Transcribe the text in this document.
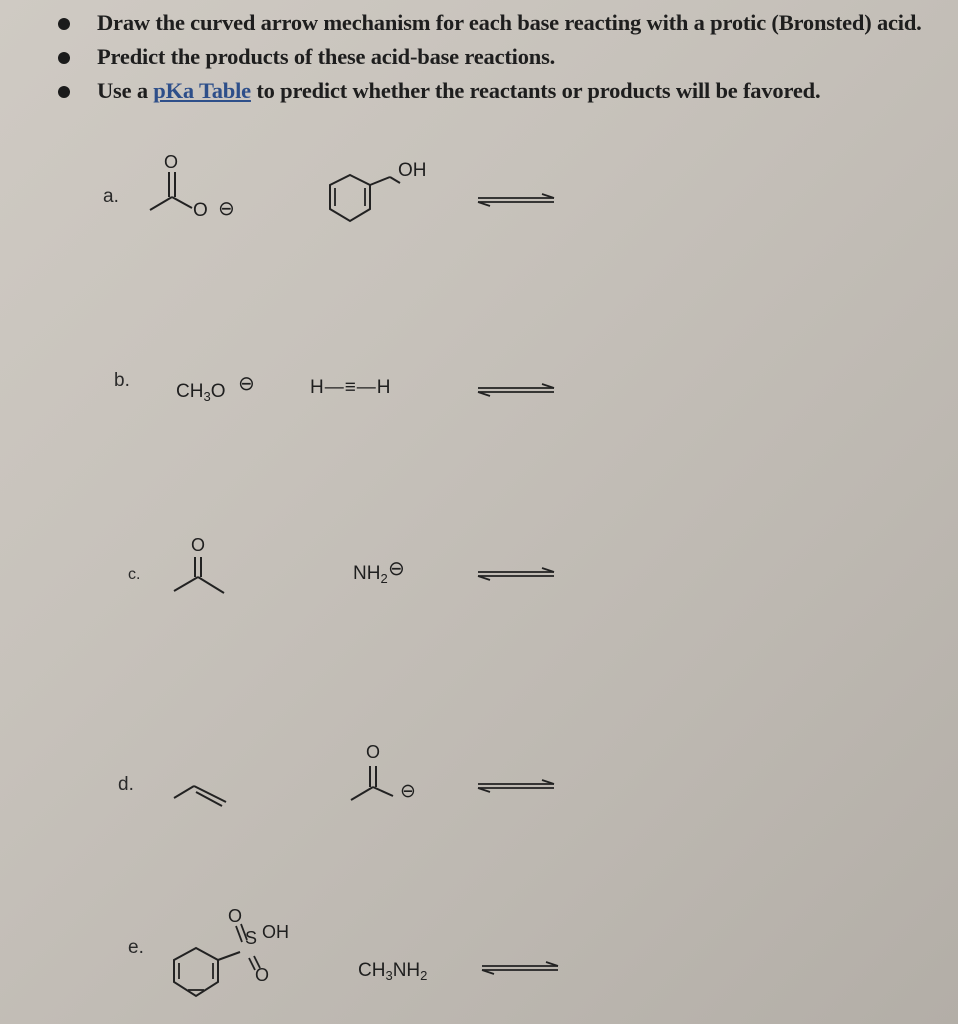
Draw the curved arrow mechanism for each base reacting with a protic (Bronsted) acid.
Predict the products of these acid-base reactions.
Use a pKa Table to predict whether the reactants or products will be favored.
a.
O
O ⊖
OH
b.
$CH_3O$ ⊖	H—≡—H
c.
O
$NH_2$ ⊖
d.
O
⊖
e.
O
S OH
O	$CH_3NH_2$
